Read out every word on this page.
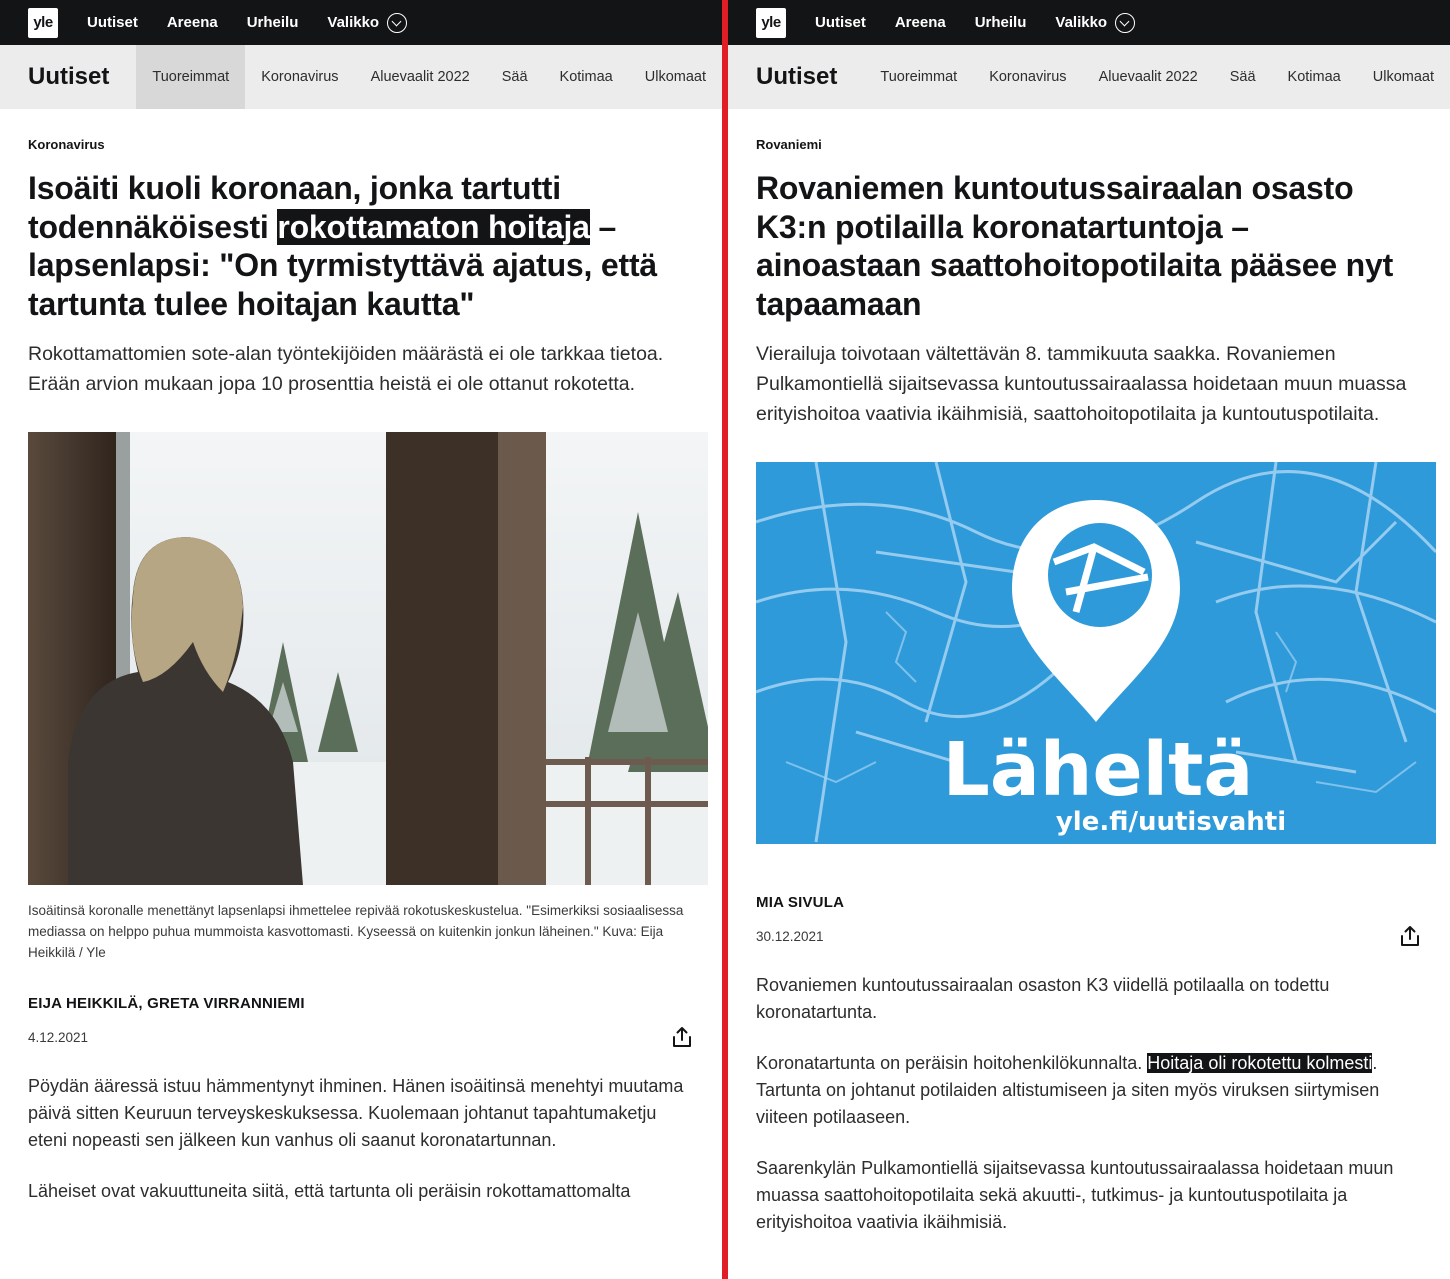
yle	Uutiset Areena Urheilu Valikko
Uutiset	Tuoreimmat	Koronavirus	Aluevaalit 2022	Sää	Kotimaa	Ulkomaat
Koronavirus
Isoäiti kuoli koronaan, jonka tartutti todennäköisesti rokottamaton hoitaja – lapsenlapsi: "On tyrmistyttävä ajatus, että tartunta tulee hoitajan kautta"

Rokottamattomien sote-alan työntekijöiden määrästä ei ole tarkkaa tietoa. Erään arvion mukaan jopa 10 prosenttia heistä ei ole ottanut rokotetta.

Isoäitinsä koronalle menettänyt lapsenlapsi ihmettelee repivää rokotuskeskustelua. "Esimerkiksi sosiaalisessa mediassa on helppo puhua mummoista kasvottomasti. Kyseessä on kuitenkin jonkun läheinen." Kuva: Eija Heikkilä / Yle

EIJA HEIKKILÄ, GRETA VIRRANNIEMI
4.12.2021

Pöydän ääressä istuu hämmentynyt ihminen. Hänen isoäitinsä menehtyi muutama päivä sitten Keuruun terveyskeskuksessa. Kuolemaan johtanut tapahtumaketju eteni nopeasti sen jälkeen kun vanhus oli saanut koronatartunnan.

Läheiset ovat vakuuttuneita siitä, että tartunta oli peräisin rokottamattomalta

yle	Uutiset Areena Urheilu Valikko
Uutiset	Tuoreimmat	Koronavirus	Aluevaalit 2022	Sää	Kotimaa	Ulkomaat
Rovaniemi
Rovaniemen kuntoutussairaalan osasto K3:n potilailla koronatartuntoja – ainoastaan saattohoitopotilaita pääsee nyt tapaamaan

Vierailuja toivotaan vältettävän 8. tammikuuta saakka. Rovaniemen Pulkamontiellä sijaitsevassa kuntoutussairaalassa hoidetaan muun muassa erityishoitoa vaativia ikäihmisiä, saattohoitopotilaita ja kuntoutuspotilaita.

Läheltä
yle.fi/uutisvahti
MIA SIVULA
30.12.2021

Rovaniemen kuntoutussairaalan osaston K3 viidellä potilaalla on todettu koronatartunta.

Koronatartunta on peräisin hoitohenkilökunnalta. Hoitaja oli rokotettu kolmesti. Tartunta on johtanut potilaiden altistumiseen ja siten myös viruksen siirtymisen viiteen potilaaseen.

Saarenkylän Pulkamontiellä sijaitsevassa kuntoutussairaalassa hoidetaan muun muassa saattohoitopotilaita sekä akuutti-, tutkimus- ja kuntoutuspotilaita ja erityishoitoa vaativia ikäihmisiä.
